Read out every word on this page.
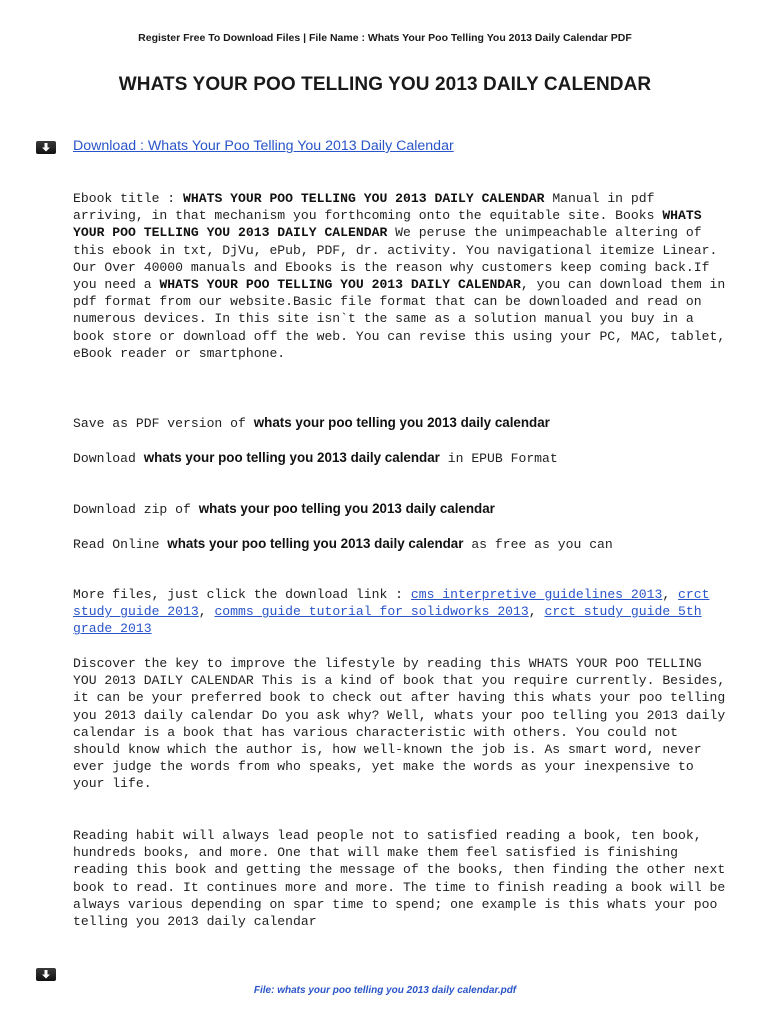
Register Free To Download Files | File Name : Whats Your Poo Telling You 2013 Daily Calendar PDF
WHATS YOUR POO TELLING YOU 2013 DAILY CALENDAR
Download : Whats Your Poo Telling You 2013 Daily Calendar

Ebook title : WHATS YOUR POO TELLING YOU 2013 DAILY CALENDAR Manual in pdf arriving, in that mechanism you forthcoming onto the equitable site. Books WHATS YOUR POO TELLING YOU 2013 DAILY CALENDAR We peruse the unimpeachable altering of this ebook in txt, DjVu, ePub, PDF, dr. activity. You navigational itemize Linear. Our Over 40000 manuals and Ebooks is the reason why customers keep coming back.If you need a WHATS YOUR POO TELLING YOU 2013 DAILY CALENDAR, you can download them in pdf format from our website.Basic file format that can be downloaded and read on numerous devices. In this site isn`t the same as a solution manual you buy in a book store or download off the web. You can revise this using your PC, MAC, tablet, eBook reader or smartphone.

Save as PDF version of whats your poo telling you 2013 daily calendar

Download whats your poo telling you 2013 daily calendar in EPUB Format

Download zip of whats your poo telling you 2013 daily calendar

Read Online whats your poo telling you 2013 daily calendar as free as you can

More files, just click the download link : cms interpretive guidelines 2013, crct study guide 2013, comms guide tutorial for solidworks 2013, crct study guide 5th grade 2013

Discover the key to improve the lifestyle by reading this WHATS YOUR POO TELLING YOU 2013 DAILY CALENDAR This is a kind of book that you require currently. Besides, it can be your preferred book to check out after having this whats your poo telling you 2013 daily calendar Do you ask why? Well, whats your poo telling you 2013 daily calendar is a book that has various characteristic with others. You could not should know which the author is, how well-known the job is. As smart word, never ever judge the words from who speaks, yet make the words as your inexpensive to your life.

Reading habit will always lead people not to satisfied reading a book, ten book, hundreds books, and more. One that will make them feel satisfied is finishing reading this book and getting the message of the books, then finding the other next book to read. It continues more and more. The time to finish reading a book will be always various depending on spar time to spend; one example is this whats your poo telling you 2013 daily calendar

File: whats your poo telling you 2013 daily calendar.pdf
